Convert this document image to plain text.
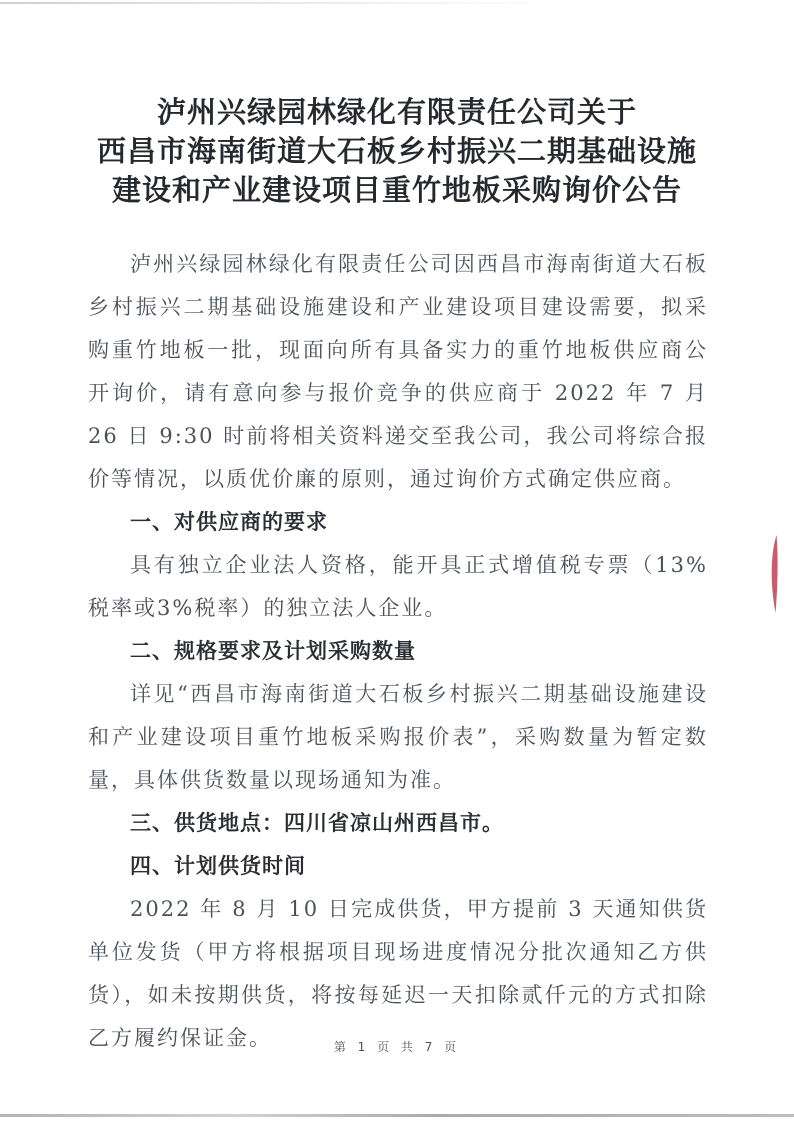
泸州兴绿园林绿化有限责任公司关于
西昌市海南街道大石板乡村振兴二期基础设施
建设和产业建设项目重竹地板采购询价公告

泸州兴绿园林绿化有限责任公司因西昌市海南街道大石板乡村振兴二期基础设施建设和产业建设项目建设需要，拟采购重竹地板一批，现面向所有具备实力的重竹地板供应商公开询价，请有意向参与报价竞争的供应商于 2022 年 7 月 26 日 9:30 时前将相关资料递交至我公司，我公司将综合报价等情况，以质优价廉的原则，通过询价方式确定供应商。

一、对供应商的要求

具有独立企业法人资格，能开具正式增值税专票（13%税率或3%税率）的独立法人企业。

二、规格要求及计划采购数量

详见“西昌市海南街道大石板乡村振兴二期基础设施建设和产业建设项目重竹地板采购报价表”，采购数量为暂定数量，具体供货数量以现场通知为准。

三、供货地点：四川省凉山州西昌市。

四、计划供货时间

2022 年 8 月 10 日完成供货，甲方提前 3 天通知供货单位发货（甲方将根据项目现场进度情况分批次通知乙方供货），如未按期供货，将按每延迟一天扣除贰仟元的方式扣除乙方履约保证金。	第 1 页 共 7 页
